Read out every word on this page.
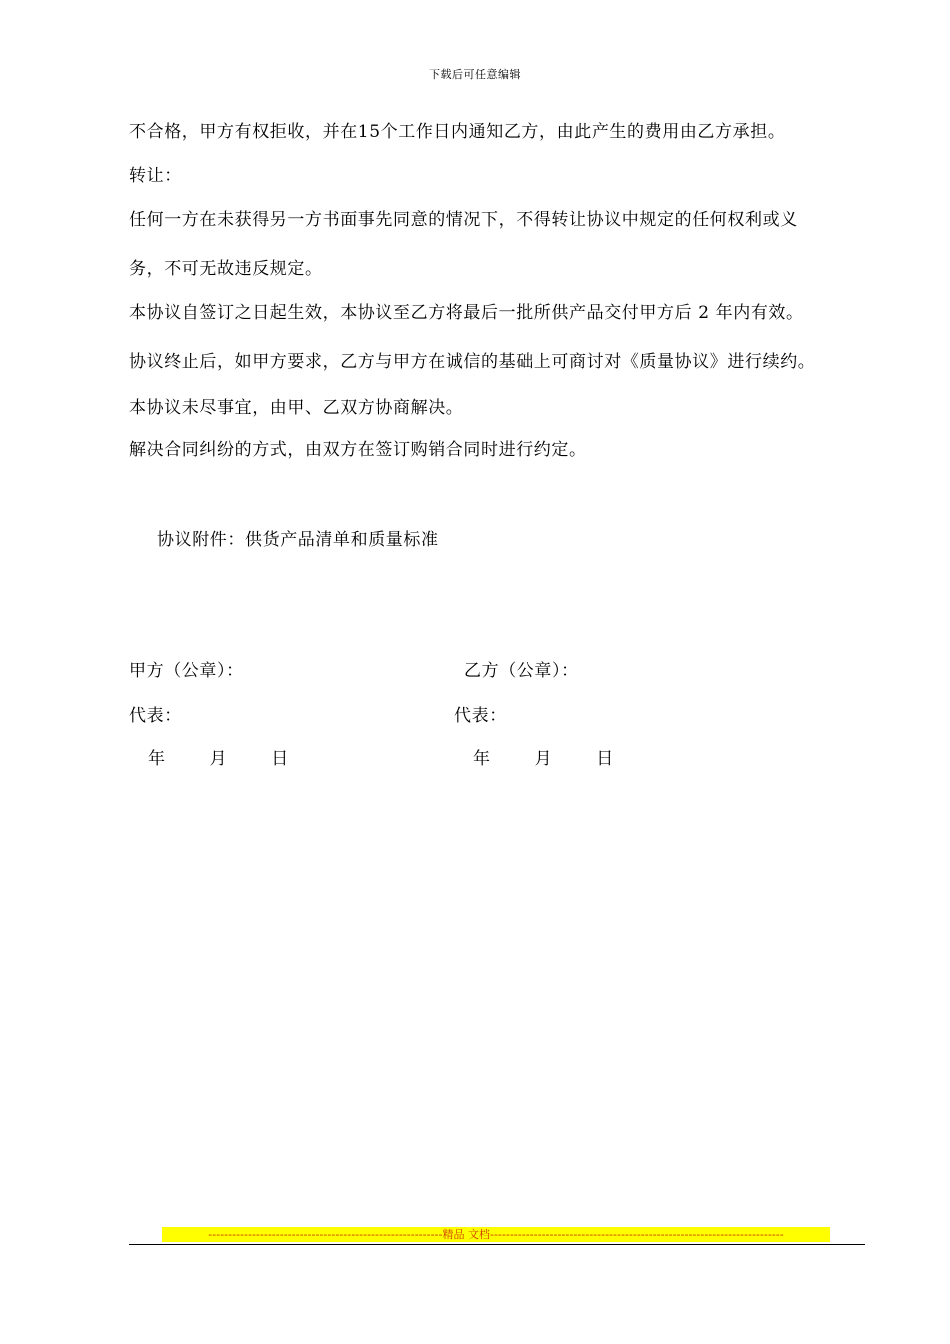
下载后可任意编辑
不合格，甲方有权拒收，并在15个工作日内通知乙方，由此产生的费用由乙方承担。
转让：
任何一方在未获得另一方书面事先同意的情况下，不得转让协议中规定的任何权利或义
务，不可无故违反规定。
本协议自签订之日起生效，本协议至乙方将最后一批所供产品交付甲方后 2 年内有效。
协议终止后，如甲方要求，乙方与甲方在诚信的基础上可商讨对《质量协议》进行续约。
本协议未尽事宜，由甲、乙双方协商解决。
解决合同纠纷的方式，由双方在签订购销合同时进行约定。
协议附件：供货产品清单和质量标准
甲方（公章）：	乙方（公章）：
代表：	代表：
年	月	日	年	月	日
-----------------------------------------------------------精品 文档--------------------------------------------------------------------------
